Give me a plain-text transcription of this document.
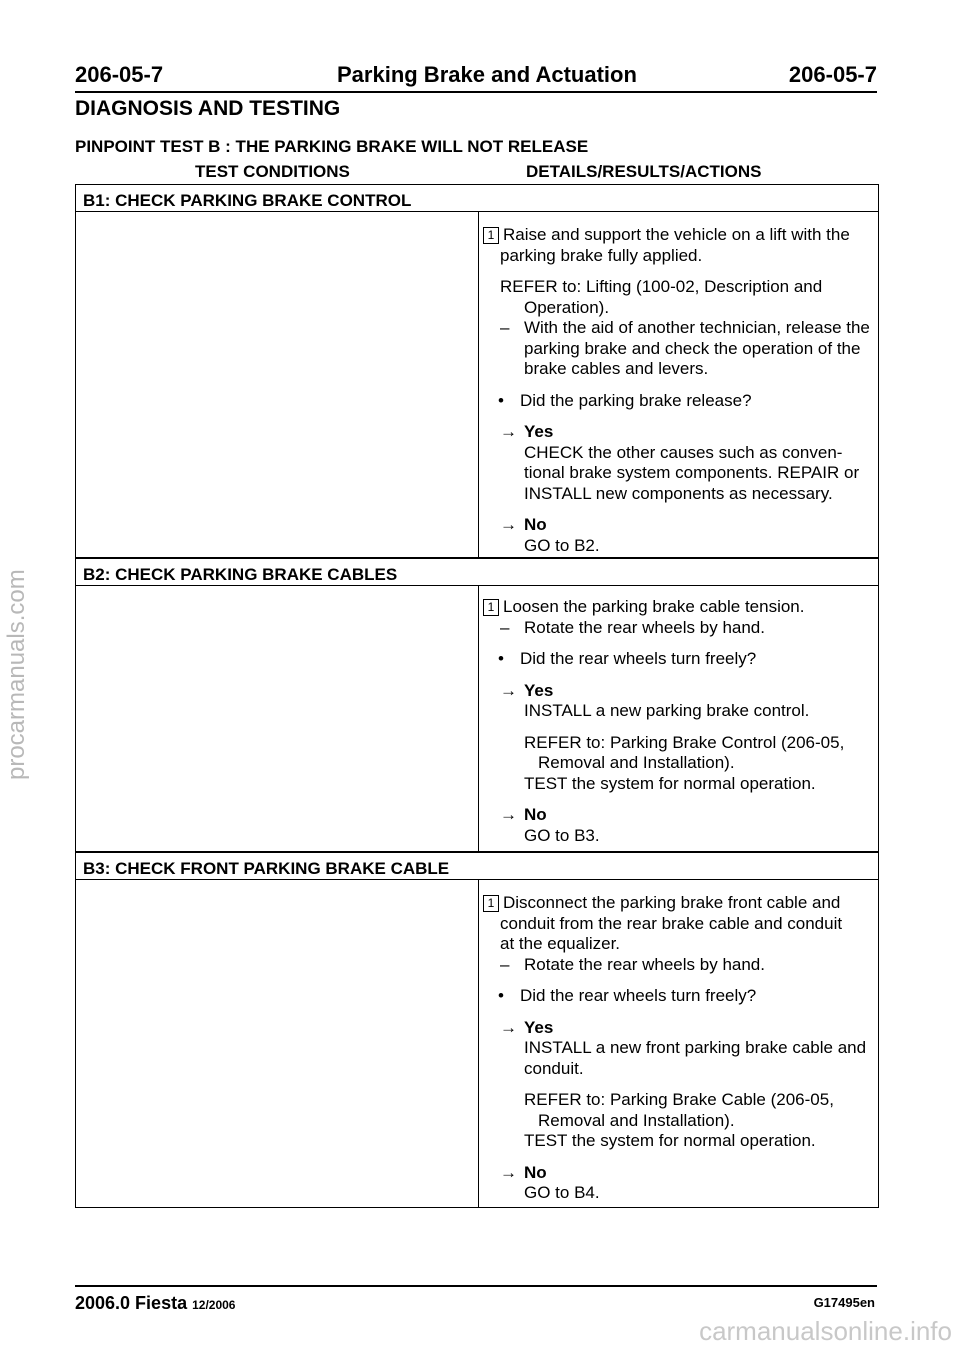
206-05-7	Parking Brake and Actuation	206-05-7
DIAGNOSIS AND TESTING
PINPOINT TEST B : THE PARKING BRAKE WILL NOT RELEASE
TEST CONDITIONS	DETAILS/RESULTS/ACTIONS
B1: CHECK PARKING BRAKE CONTROL

1 Raise and support the vehicle on a lift with the

parking brake fully applied.

REFER to: Lifting (100-02, Description and

Operation).

– With the aid of another technician, release the

parking brake and check the operation of the

brake cables and levers.

• Did the parking brake release?

→ Yes

CHECK the other causes such as conven-

tional brake system components. REPAIR or

INSTALL new components as necessary.

→ No

GO to B2.

B2: CHECK PARKING BRAKE CABLES

1 Loosen the parking brake cable tension.

– Rotate the rear wheels by hand.

• Did the rear wheels turn freely?

→ Yes

INSTALL a new parking brake control.

REFER to: Parking Brake Control (206-05,

Removal and Installation).

TEST the system for normal operation.

→ No

GO to B3.

B3: CHECK FRONT PARKING BRAKE CABLE

1 Disconnect the parking brake front cable and

conduit from the rear brake cable and conduit

at the equalizer.

– Rotate the rear wheels by hand.

• Did the rear wheels turn freely?

→ Yes

INSTALL a new front parking brake cable and

conduit.

REFER to: Parking Brake Cable (206-05,

Removal and Installation).

TEST the system for normal operation.

→ No

GO to B4.

2006.0 Fiesta 12/2006	G17495en
procarmanuals.com
carmanualsonline.info
